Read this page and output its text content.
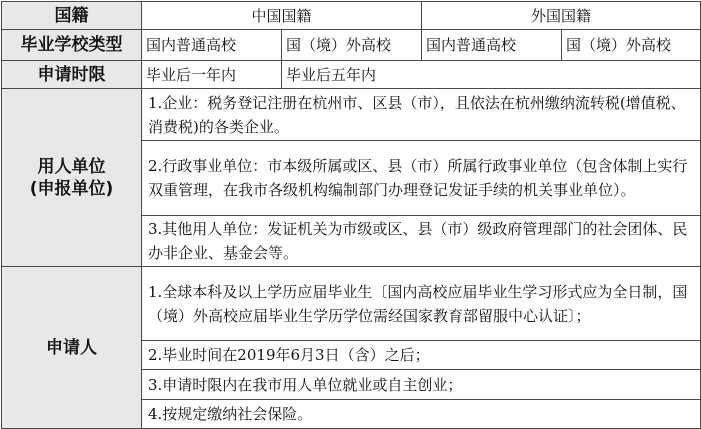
国籍	中国国籍		外国国籍	
毕业学校类型	国内普通高校	国（境）外高校	国内普通高校	国（境）外高校
申请时限	毕业后一年内	毕业后五年内		

用人单位
(申报单位)	1.企业：税务登记注册在杭州市、区县（市），且依法在杭州缴纳流转税(增值税、消费税)的各类企业。			
	2.行政事业单位：市本级所属或区、县（市）所属行政事业单位（包含体制上实行双重管理，在我市各级机构编制部门办理登记发证手续的机关事业单位）。			
	3.其他用人单位：发证机关为市级或区、县（市）级政府管理部门的社会团体、民办非企业、基金会等。			
申请人	1.全球本科及以上学历应届毕业生〔国内高校应届毕业生学习形式应为全日制，国（境）外高校应届毕业生学历学位需经国家教育部留服中心认证〕；			
	2.毕业时间在2019年6月3日（含）之后；			
	3.申请时限内在我市用人单位就业或自主创业；			
	4.按规定缴纳社会保险。			
